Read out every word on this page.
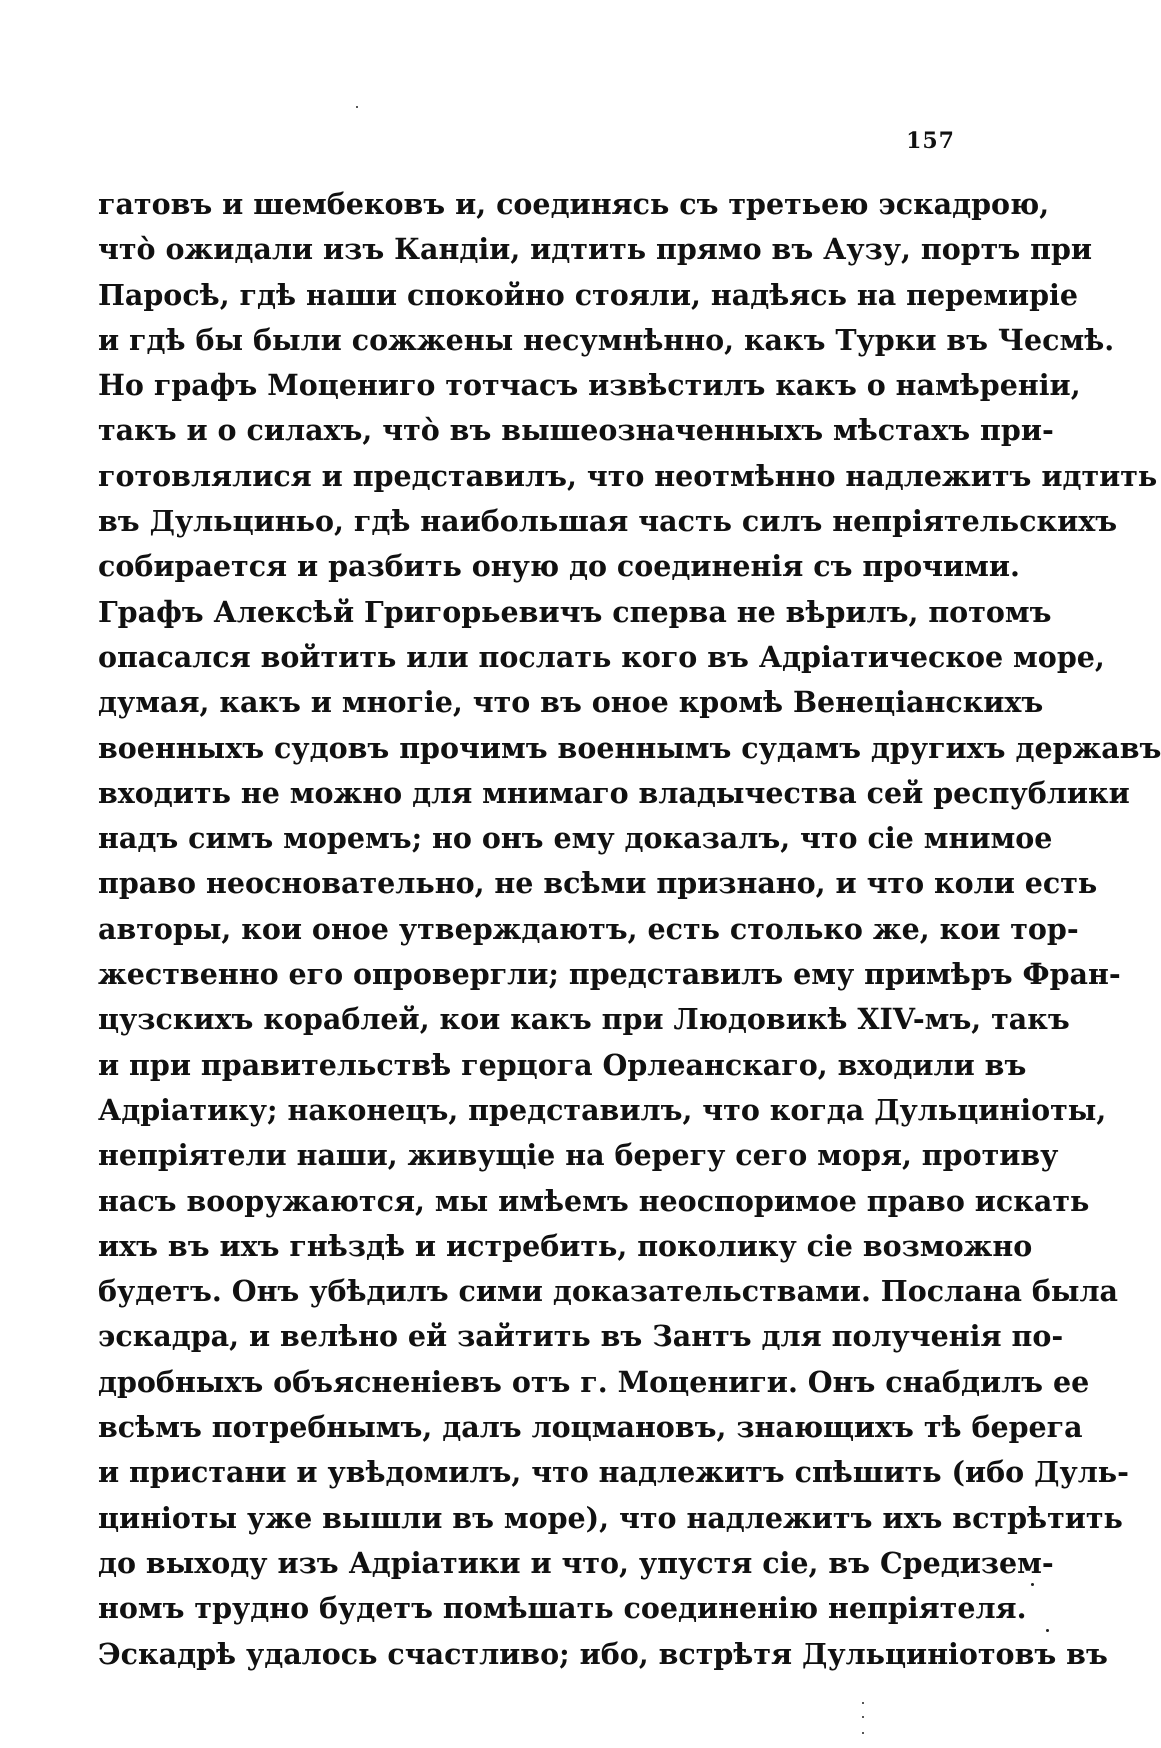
157
гатовъ и шембековъ и, соединясь съ третьею эскадрою,
чтò ожидали изъ Кандіи, идтить прямо въ Аузу, портъ при
Паросѣ, гдѣ наши спокойно стояли, надѣясь на перемиріе
и гдѣ бы были сожжены несумнѣнно, какъ Турки въ Чесмѣ.
Но графъ Моцениго тотчасъ извѣстилъ какъ о намѣреніи,
такъ и о силахъ, чтò въ вышеозначенныхъ мѣстахъ при-
готовлялися и представилъ, что неотмѣнно надлежитъ идтить
въ Дульциньо, гдѣ наибольшая часть силъ непріятельскихъ
собирается и разбить оную до соединенія съ прочими.
Графъ Алексѣй Григорьевичъ сперва не вѣрилъ, потомъ
опасался войтить или послать кого въ Адріатическое море,
думая, какъ и многіе, что въ оное кромѣ Венеціанскихъ
военныхъ судовъ прочимъ военнымъ судамъ другихъ державъ
входить не можно для мнимаго владычества сей республики
надъ симъ моремъ; но онъ ему доказалъ, что сіе мнимое
право неосновательно, не всѣми признано, и что коли есть
авторы, кои оное утверждаютъ, есть столько же, кои тор-
жественно его опровергли; представилъ ему примѣръ Фран-
цузскихъ кораблей, кои какъ при Людовикѣ XIV-мъ, такъ
и при правительствѣ герцога Орлеанскаго, входили въ
Адріатику; наконецъ, представилъ, что когда Дульциніоты,
непріятели наши, живущіе на берегу сего моря, противу
насъ вооружаются, мы имѣемъ неоспоримое право искать
ихъ въ ихъ гнѣздѣ и истребить, поколику сіе возможно
будетъ. Онъ убѣдилъ сими доказательствами. Послана была
эскадра, и велѣно ей зайтить въ Зантъ для полученія по-
дробныхъ объясненіевъ отъ г. Моцениги. Онъ снабдилъ ее
всѣмъ потребнымъ, далъ лоцмановъ, знающихъ тѣ берега
и пристани и увѣдомилъ, что надлежитъ спѣшить (ибо Дуль-
циніоты уже вышли въ море), что надлежитъ ихъ встрѣтить
до выходу изъ Адріатики и что, упустя сіе, въ Средизем-
номъ трудно будетъ помѣшать соединенію непріятеля.
Эскадрѣ удалось счастливо; ибо, встрѣтя Дульциніотовъ въ
